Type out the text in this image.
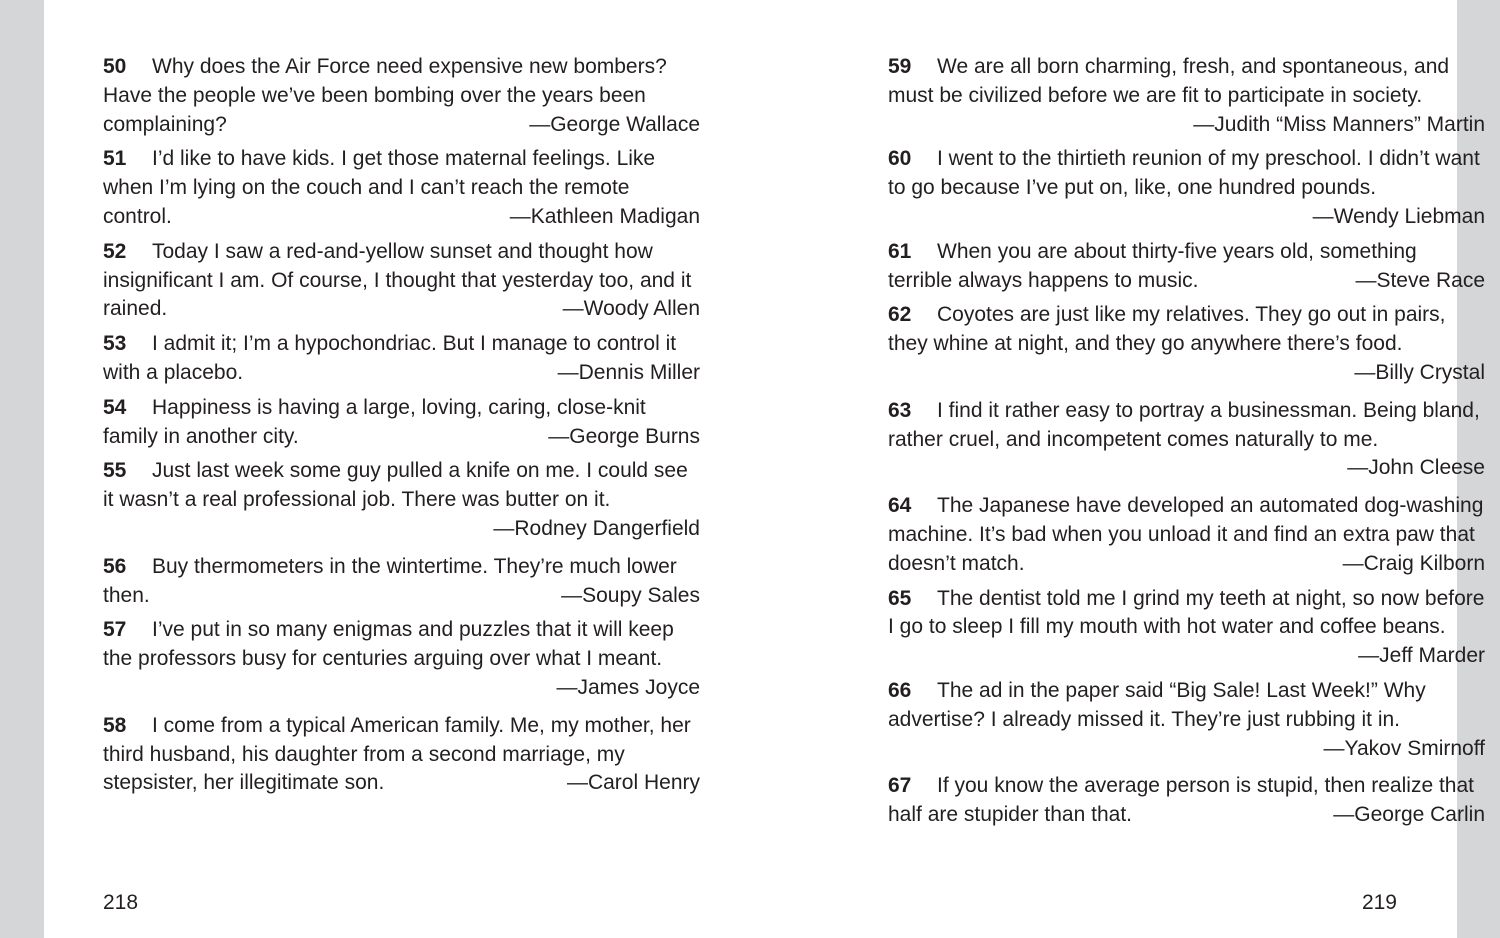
50 Why does the Air Force need expensive new bombers? Have the people we’ve been bombing over the years been complaining?	—George Wallace

51 I’d like to have kids. I get those maternal feelings. Like when I’m lying on the couch and I can’t reach the remote control.	—Kathleen Madigan

52 Today I saw a red-and-yellow sunset and thought how insignificant I am. Of course, I thought that yesterday too, and it rained.	—Woody Allen

53 I admit it; I’m a hypochondriac. But I manage to control it with a placebo.	—Dennis Miller

54 Happiness is having a large, loving, caring, close-knit family in another city.	—George Burns

55 Just last week some guy pulled a knife on me. I could see it wasn’t a real professional job. There was butter on it.
—Rodney Dangerfield

56 Buy thermometers in the wintertime. They’re much lower then.	—Soupy Sales

57 I’ve put in so many enigmas and puzzles that it will keep the professors busy for centuries arguing over what I meant.
—James Joyce

58 I come from a typical American family. Me, my mother, her third husband, his daughter from a second marriage, my stepsister, her illegitimate son.	—Carol Henry

59 We are all born charming, fresh, and spontaneous, and must be civilized before we are fit to participate in society.
—Judith “Miss Manners” Martin

60 I went to the thirtieth reunion of my preschool. I didn’t want to go because I’ve put on, like, one hundred pounds.
—Wendy Liebman

61 When you are about thirty-five years old, something terrible always happens to music.	—Steve Race

62 Coyotes are just like my relatives. They go out in pairs, they whine at night, and they go anywhere there’s food.
—Billy Crystal

63 I find it rather easy to portray a businessman. Being bland, rather cruel, and incompetent comes naturally to me.
—John Cleese

64 The Japanese have developed an automated dog-washing machine. It’s bad when you unload it and find an extra paw that doesn’t match.	—Craig Kilborn

65 The dentist told me I grind my teeth at night, so now before I go to sleep I fill my mouth with hot water and coffee beans.
—Jeff Marder

66 The ad in the paper said “Big Sale! Last Week!” Why advertise? I already missed it. They’re just rubbing it in.
—Yakov Smirnoff

67 If you know the average person is stupid, then realize that half are stupider than that.	—George Carlin

218	219
